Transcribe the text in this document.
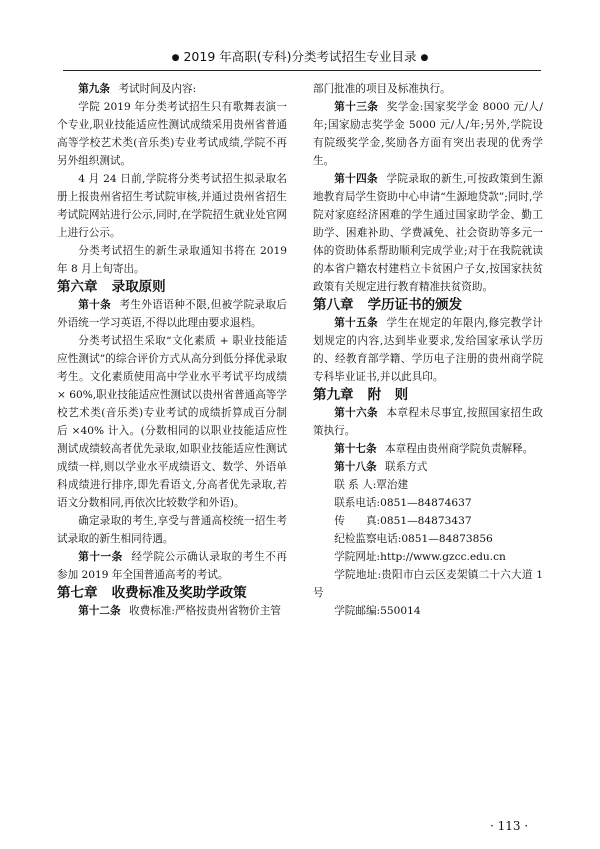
● 2019 年高职(专科)分类考试招生专业目录 ●

第九条 考试时间及内容:

学院 2019 年分类考试招生只有歌舞表演一个专业,职业技能适应性测试成绩采用贵州省普通高等学校艺术类(音乐类)专业考试成绩,学院不再另外组织测试。

4 月 24 日前,学院将分类考试招生拟录取名册上报贵州省招生考试院审核,并通过贵州省招生考试院网站进行公示,同时,在学院招生就业处官网上进行公示。

分类考试招生的新生录取通知书将在 2019 年 8 月上旬寄出。

第六章 录取原则

第十条 考生外语语种不限,但被学院录取后外语统一学习英语,不得以此理由要求退档。

分类考试招生采取“文化素质 + 职业技能适应性测试”的综合评价方式从高分到低分择优录取考生。文化素质使用高中学业水平考试平均成绩 × 60%,职业技能适应性测试以贵州省普通高等学校艺术类(音乐类)专业考试的成绩折算成百分制后 ×40% 计入。(分数相同的以职业技能适应性测试成绩较高者优先录取,如职业技能适应性测试成绩一样,则以学业水平成绩语文、数学、外语单科成绩进行排序,即先看语文,分高者优先录取,若语文分数相同,再依次比较数学和外语)。

确定录取的考生,享受与普通高校统一招生考试录取的新生相同待遇。

第十一条 经学院公示确认录取的考生不再参加 2019 年全国普通高考的考试。

第七章 收费标准及奖助学政策

第十二条 收费标准:严格按贵州省物价主管

部门批准的项目及标准执行。

第十三条 奖学金:国家奖学金 8000 元/人/年;国家励志奖学金 5000 元/人/年;另外,学院设有院级奖学金,奖励各方面有突出表现的优秀学生。

第十四条 学院录取的新生,可按政策到生源地教育局学生资助中心申请“生源地贷款”;同时,学院对家庭经济困难的学生通过国家助学金、勤工助学、困难补助、学费减免、社会资助等多元一体的资助体系帮助顺利完成学业;对于在我院就读的本省户籍农村建档立卡贫困户子女,按国家扶贫政策有关规定进行教育精准扶贫资助。

第八章 学历证书的颁发

第十五条 学生在规定的年限内,修完教学计划规定的内容,达到毕业要求,发给国家承认学历的、经教育部学籍、学历电子注册的贵州商学院专科毕业证书,并以此具印。

第九章 附　则

第十六条 本章程未尽事宜,按照国家招生政策执行。

第十七条 本章程由贵州商学院负责解释。

第十八条 联系方式

联 系 人:覃治建

联系电话:0851—84874637

传　　真:0851—84873437

纪检监察电话:0851—84873856

学院网址:http://www.gzcc.edu.cn

学院地址:贵阳市白云区麦架镇二十六大道 1 号

学院邮编:550014

· 113 ·
